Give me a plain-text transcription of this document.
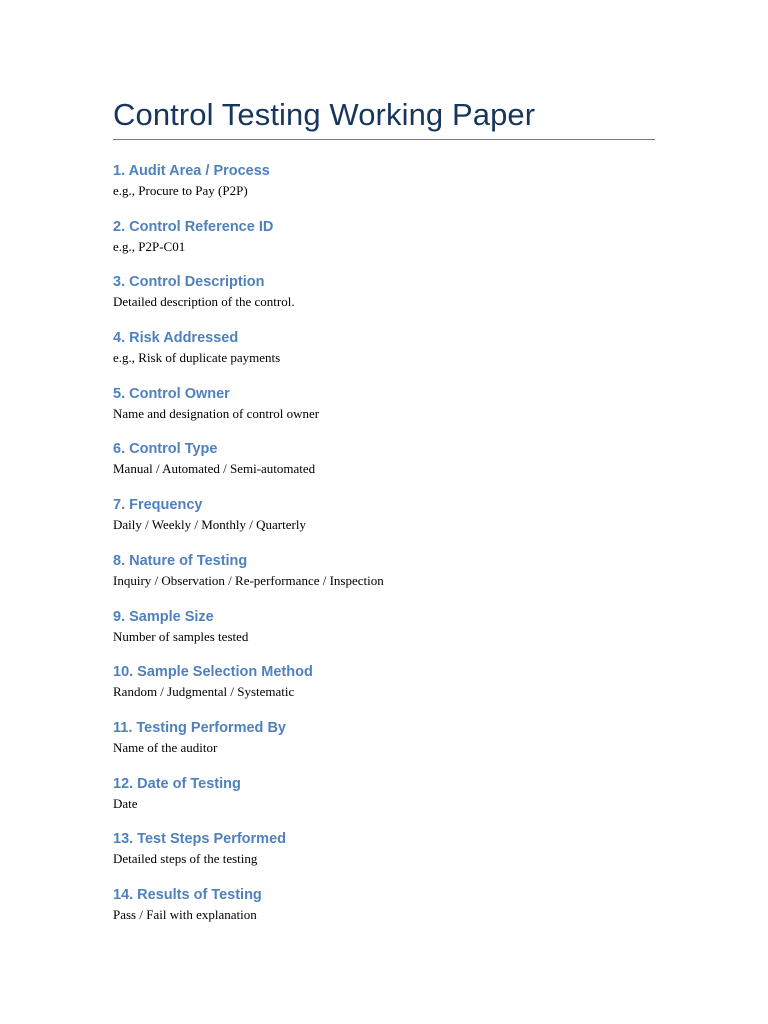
Control Testing Working Paper

1. Audit Area / Process

e.g., Procure to Pay (P2P)

2. Control Reference ID

e.g., P2P-C01

3. Control Description

Detailed description of the control.

4. Risk Addressed

e.g., Risk of duplicate payments

5. Control Owner

Name and designation of control owner

6. Control Type

Manual / Automated / Semi-automated

7. Frequency

Daily / Weekly / Monthly / Quarterly

8. Nature of Testing

Inquiry / Observation / Re-performance / Inspection

9. Sample Size

Number of samples tested

10. Sample Selection Method

Random / Judgmental / Systematic

11. Testing Performed By

Name of the auditor

12. Date of Testing

Date

13. Test Steps Performed

Detailed steps of the testing

14. Results of Testing

Pass / Fail with explanation
